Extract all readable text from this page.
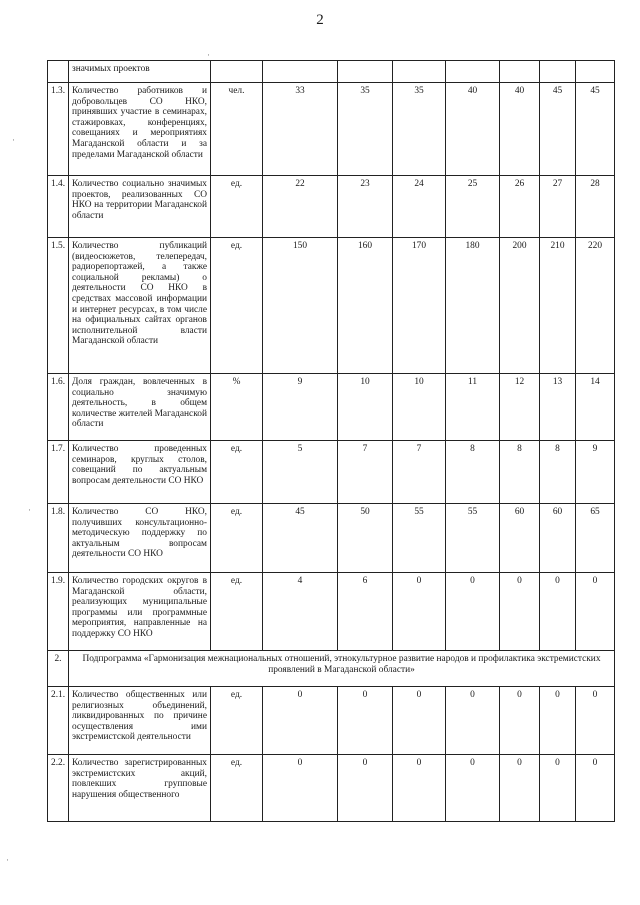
2
	значимых проектов								
1.3.	Количество работников и добровольцев СО НКО, принявших участие в семинарах, стажировках, конференциях, совещаниях и мероприятиях Магаданской области и за пределами Магаданской области	чел.	33	35	35	40	40	45	45
1.4.	Количество социально значимых проектов, реализованных СО НКО на территории Магаданской области	ед.	22	23	24	25	26	27	28
1.5.	Количество публикаций (видеосюжетов, телепередач, радиорепортажей, а также социальной рекламы) о деятельности СО НКО в средствах массовой информации и интернет ресурсах, в том числе на официальных сайтах органов исполнительной власти Магаданской области	ед.	150	160	170	180	200	210	220
1.6.	Доля граждан, вовлеченных в социально значимую деятельность, в общем количестве жителей Магаданской области	%	9	10	10	11	12	13	14
1.7.	Количество проведенных семинаров, круглых столов, совещаний по актуальным вопросам деятельности СО НКО	ед.	5	7	7	8	8	8	9
1.8.	Количество СО НКО, получивших консультационно-методическую поддержку по актуальным вопросам деятельности СО НКО	ед.	45	50	55	55	60	60	65
1.9.	Количество городских округов в Магаданской области, реализующих муниципальные программы или программные мероприятия, направленные на поддержку СО НКО	ед.	4	6	0	0	0	0	0
2.	Подпрограмма «Гармонизация межнациональных отношений, этнокультурное развитие народов и профилактика экстремистских проявлений в Магаданской области»								
2.1.	Количество общественных или религиозных объединений, ликвидированных по причине осуществления ими экстремистской деятельности	ед.	0	0	0	0	0	0	0
2.2.	Количество зарегистрированных экстремистских акций, повлекших групповые нарушения общественного	ед.	0	0	0	0	0	0	0
·
·
·
·
